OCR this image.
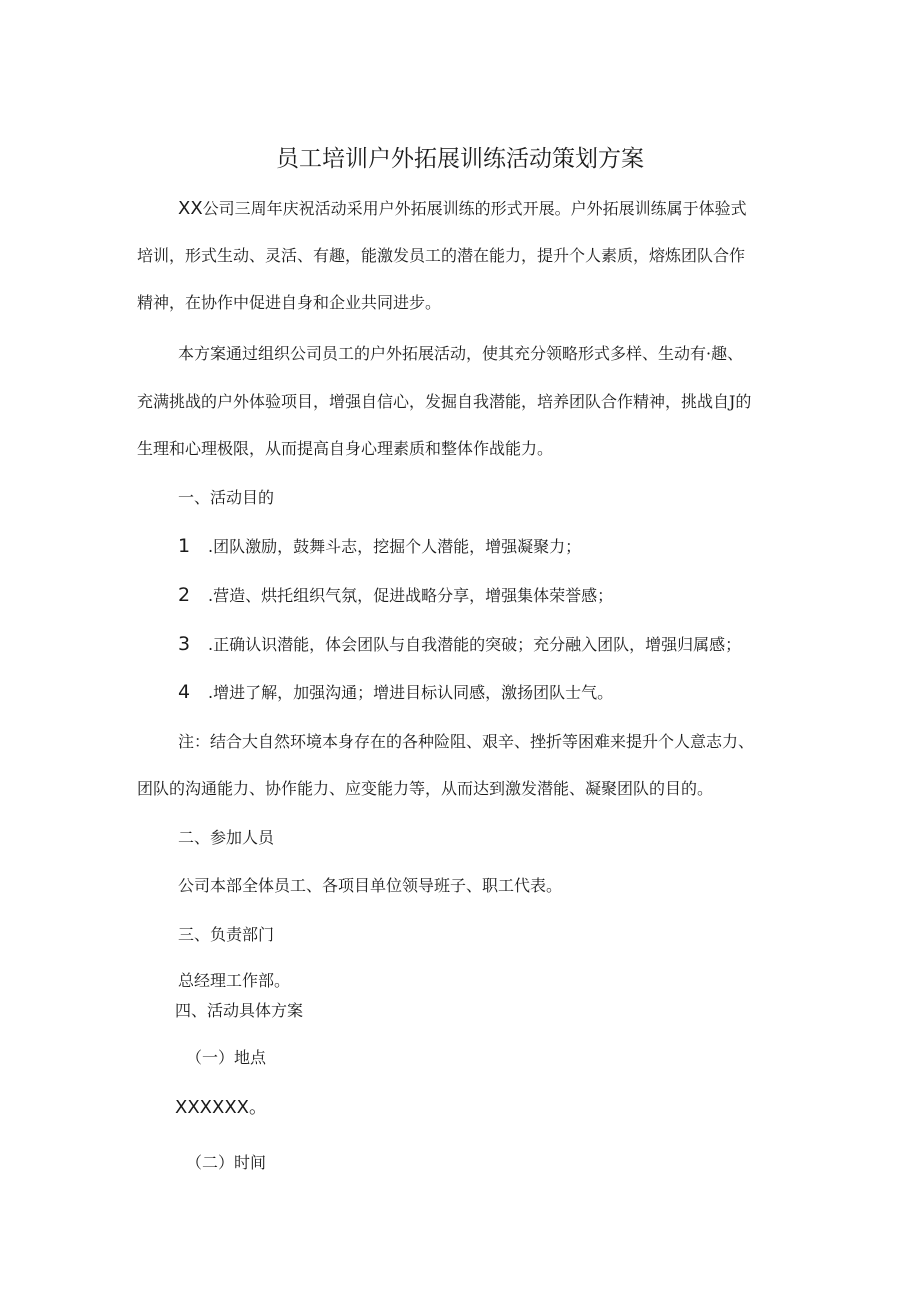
员工培训户外拓展训练活动策划方案
XX公司三周年庆祝活动采用户外拓展训练的形式开展。户外拓展训练属于体验式
培训，形式生动、灵活、有趣，能激发员工的潜在能力，提升个人素质，熔炼团队合作
精神，在协作中促进自身和企业共同进步。
本方案通过组织公司员工的户外拓展活动，使其充分领略形式多样、生动有·趣、
充满挑战的户外体验项目，增强自信心，发掘自我潜能，培养团队合作精神，挑战自J的
生理和心理极限，从而提高自身心理素质和整体作战能力。
一、活动目的
1 .团队激励，鼓舞斗志，挖掘个人潜能，增强凝聚力；
2 .营造、烘托组织气氛，促进战略分享，增强集体荣誉感；
3 .正确认识潜能，体会团队与自我潜能的突破；充分融入团队，增强归属感；
4 .增进了解，加强沟通；增进目标认同感，激扬团队士气。
注：结合大自然环境本身存在的各种险阻、艰辛、挫折等困难来提升个人意志力、
团队的沟通能力、协作能力、应变能力等，从而达到激发潜能、凝聚团队的目的。
二、参加人员
公司本部全体员工、各项目单位领导班子、职工代表。
三、负责部门
总经理工作部。
四、活动具体方案
（一）地点
XXXXXX。
（二）时间
